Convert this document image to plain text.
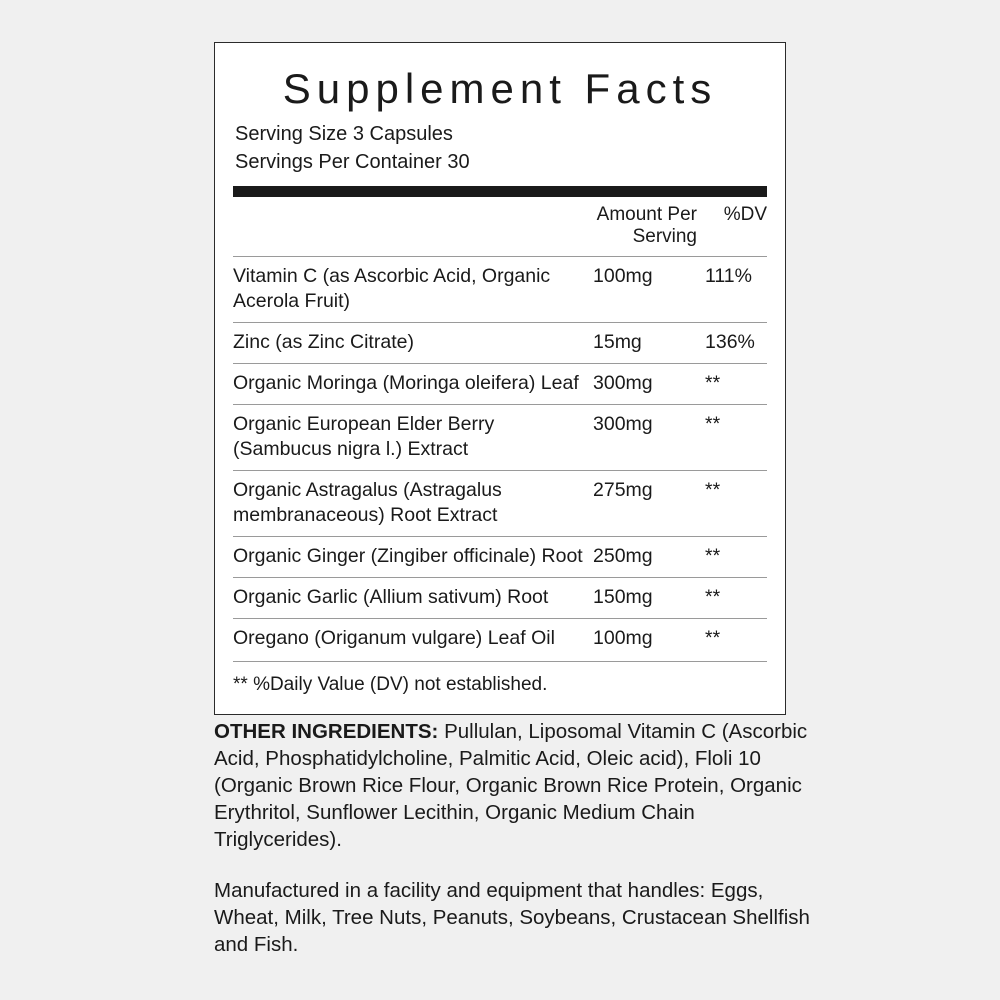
Supplement Facts
Serving Size 3 Capsules
Servings Per Container 30
	Amount Per Serving	%DV
Vitamin C (as Ascorbic Acid, Organic Acerola Fruit)	100mg	111%
Zinc (as Zinc Citrate)	15mg	136%
Organic Moringa (Moringa oleifera) Leaf	300mg	**
Organic European Elder Berry (Sambucus nigra l.) Extract	300mg	**
Organic Astragalus (Astragalus membranaceous) Root Extract	275mg	**
Organic Ginger (Zingiber officinale) Root	250mg	**
Organic Garlic (Allium sativum) Root	150mg	**
Oregano (Origanum vulgare) Leaf Oil	100mg	**
** %Daily Value (DV) not established.

OTHER INGREDIENTS: Pullulan, Liposomal Vitamin C (Ascorbic Acid, Phosphatidylcholine, Palmitic Acid, Oleic acid), Floli 10 (Organic Brown Rice Flour, Organic Brown Rice Protein, Organic Erythritol, Sunflower Lecithin, Organic Medium Chain Triglycerides).

Manufactured in a facility and equipment that handles: Eggs, Wheat, Milk, Tree Nuts, Peanuts, Soybeans, Crustacean Shellfish and Fish.
